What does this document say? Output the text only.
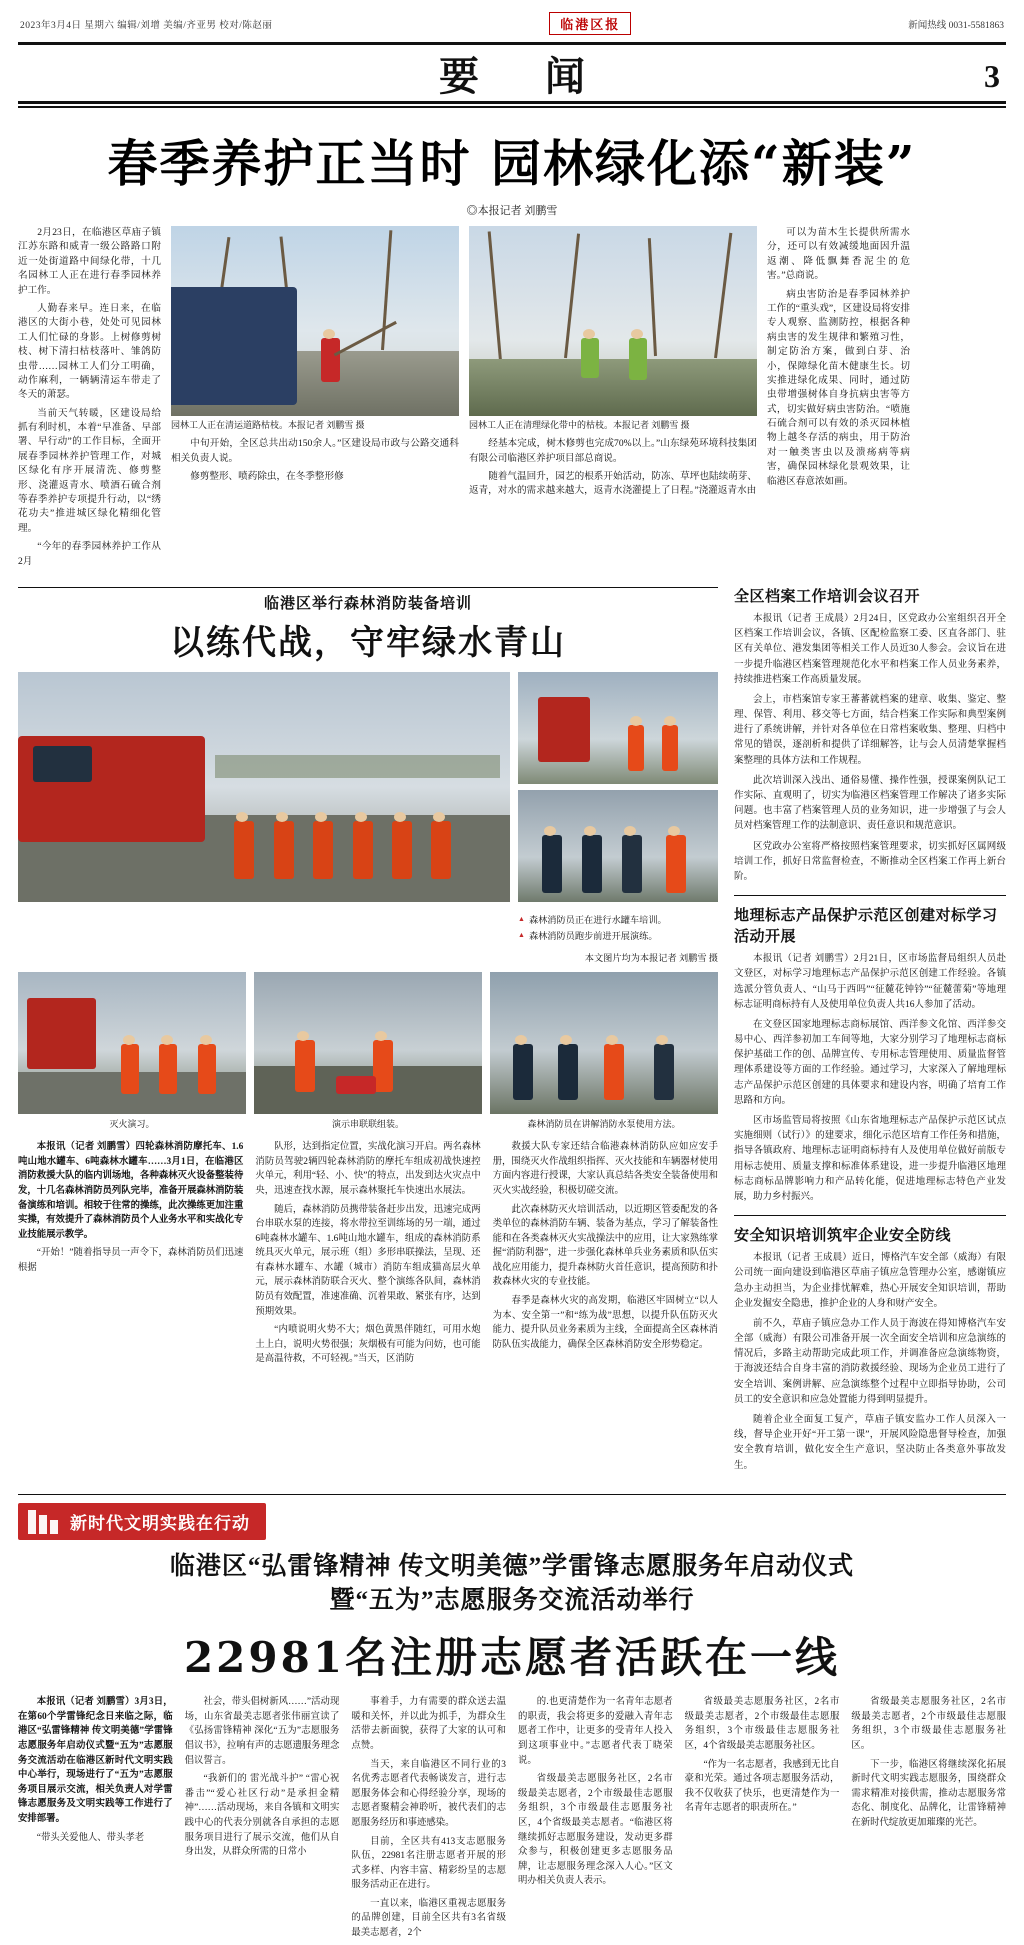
2023年3月4日 星期六 编辑/刘增 美编/齐亚男 校对/陈赵丽	临港区报	新闻热线 0031-5581863
要 闻	3
春季养护正当时 园林绿化添“新装”
◎本报记者 刘鹏雪

2月23日，在临港区草庙子镇江苏东路和威青一级公路路口附近一处街道路中间绿化带，十几名园林工人正在进行春季园林养护工作。

人勤春来早。连日来，在临港区的大街小巷，处处可见园林工人们忙碌的身影。上树修剪树枝、树下清扫枯枝落叶、雏鸽防虫带……园林工人们分工明确，动作麻利，一辆辆清运车带走了冬天的萧瑟。

当前天气转暖，区建设局给抓有利时机，本着“早准备、早部署、早行动”的工作目标，全面开展春季园林养护管理工作，对城区绿化有序开展清洗、修剪整形、浇灌返青水、喷酒石硫合剂等春季养护专项提升行动，以“绣花功夫”推进城区绿化精细化管理。

“今年的春季园林养护工作从2月

园林工人正在清运道路枯枝。本报记者 刘鹏雪 摄

中旬开始，全区总共出动150余人。”区建设局市政与公路交通科相关负责人说。

修剪整形、喷药除虫，在冬季整形修

园林工人正在清理绿化带中的枯枝。本报记者 刘鹏雪 摄

经基本完成，树木修剪也完成70%以上。”山东绿苑环境科技集团有限公司临港区养护项目部总商说。

随着气温回升，园艺的根系开始活动，防冻、草坪也陆续萌芽、返青，对水的需求越来越大，返青水浇灌提上了日程。”浇灌返青水由

可以为苗木生长提供所需水分，还可以有效减缓地面因升温返潮、降低飘舞香泥尘的危害。”总商说。

病虫害防治是春季园林养护工作的“重头戏”，区建设局将安排专人观察、监测防控，根据各种病虫害的发生规律和繁殖习性，制定防治方案，做到白芽、治小，保障绿化苗木健康生长。切实推进绿化成果、同时，通过防虫带增强树体自身抗病虫害等方式，切实做好病虫害防治。“喷施石硫合剂可以有效的杀灭园林植物上越冬存活的病虫，用于防治对一触类害虫以及溃疡病等病害，确保园林绿化景观效果，让临港区春意浓如画。

临港区举行森林消防装备培训
以练代战，守牢绿水青山
▲ 森林消防员正在进行水罐车培训。
▲ 森林消防员跑步前进开展演练。
本文图片均为本报记者 刘鹏雪 摄
灭火演习。	演示串联联组装。	森林消防员在讲解消防水泵使用方法。

本报讯（记者 刘鹏雪）四轮森林消防摩托车、1.6吨山地水罐车、6吨森林水罐车……3月1日，在临港区消防救援大队的临内训场地，各种森林灭火设备整装待发，十几名森林消防员列队完毕，准备开展森林消防装备演练和培训。相较于往常的操练，此次操练更加注重实操，有效提升了森林消防员个人业务水平和实战化专业技能展示教学。

“开始！”随着指导员一声令下，森林消防员们迅速根据

队形，达到指定位置，实战化演习开启。两名森林消防员驾驶2辆四轮森林消防的摩托车组成初战快速控火单元，利用“轻、小、快”的特点，出发到达火灾点中央，迅速查找水源，展示森林聚托车快速出水展法。

随后，森林消防员携带装备赶步出发，迅速完成两台串联水泵的连接，将水带拉至训练场的另一端，通过6吨森林水罐车、1.6吨山地水罐车，组成的森林消防系统具灭火单元，展示班（组）多形串联操法，呈现、还有森林水罐车、水罐（城市）消防车组成猫高层火单元，展示森林消防联合灭火、整个演练各队间，森林消防员有效配置，准速准确、沉着果敢、紧张有序，达到预期效果。

“内喷说明火势不大；烟色黄黑伴随红，可用水炮土上白，说明火势很强；灰烟极有可能为问妨，也可能是高温待救，不可轻视。”当天，区消防

救援大队专家还结合临港森林消防队应如应安手册，围绕灭火作战组织指挥、灭火技能和车辆器材使用方面内容进行授课，大家认真总结各类安全装备使用和灭火实战经验，积极切磋交流。

此次森林防灭火培训活动，以近期区管委配发的各类单位的森林消防车辆、装备为基点，学习了解装备性能和在各类森林灭火实战操法中的应用，让大家熟练掌握“消防利器”，进一步强化森林单兵业务素质和队伍实战化应用能力，提升森林防火首任意识，提高预防和扑救森林火灾的专业技能。

春季是森林火灾的高发期，临港区牢固树立“以人为本、安全第一”和“练为战”思想，以提升队伍防灭火能力、提升队员业务素质为主线，全面提高全区森林消防队伍实战能力，确保全区森林消防安全形势稳定。

全区档案工作培训会议召开

本报讯（记者 王成晨）2月24日，区党政办公室组织召开全区档案工作培训会议，各镇、区配检监察工委、区直各部门、驻区有关单位、港发集团等相关工作人员近30人参会。会议旨在进一步提升临港区档案管理规范化水平和档案工作人员业务素养，持续推进档案工作高质量发展。

会上，市档案馆专家王蕃蕃就档案的建章、收集、鉴定、整理、保管、利用、移交等七方面，结合档案工作实际和典型案例进行了系统讲解，并针对各单位在日常档案收集、整理、归档中常见的错误，逐剖析和提供了详细解答，让与会人员清楚掌握档案整理的具体方法和工作规程。

此次培训深入浅出、通俗易懂、操作性强，授课案例队记工作实际、直观明了，切实为临港区档案管理工作解决了诸多实际问题。也丰富了档案管理人员的业务知识，进一步增强了与会人员对档案管理工作的法制意识、责任意识和规范意识。

区党政办公室将严格按照档案管理要求，切实抓好区属网级培训工作，抓好日常监督检查，不断推动全区档案工作再上新台阶。

地理标志产品保护示范区创建对标学习活动开展

本报讯（记者 刘鹏雪）2月21日，区市场监督局组织人员赴文登区，对标学习地理标志产品保护示范区创建工作经验。各镇选派分管负责人、“山马于西吗”“征麓花钟钤”“征麓蕾菊”等地理标志证明商标持有人及使用单位负责人共16人参加了活动。

在文登区国家地理标志商标展馆、西洋参文化馆、西洋参交易中心、西洋参初加工车间等地，大家分别学习了地理标志商标保护基础工作的创、品牌宣传、专用标志管理使用、质量监督管理体系建设等方面的工作经验。通过学习，大家深入了解地理标志产品保护示范区创建的具体要求和建设内容，明确了培育工作思路和方向。

区市场监管局将按照《山东省地理标志产品保护示范区试点实施细则（试行）》的建要求，细化示范区培育工作任务和措施，指导各镇政府、地理标志证明商标持有人及使用单位做好前版专用标志使用、质量支撑和标准体系建设，进一步提升临港区地理标志商标品牌影响力和产品转化能，促进地理标志特色产业发展，助力乡村振兴。

安全知识培训筑牢企业安全防线

本报讯（记者 王成晨）近日，博格汽车安全部（威海）有限公司统一面向建设到临港区草庙子镇应急管理办公室，感谢镇应急办主动担当，为企业排忧解难，热心开展安全知识培训，帮助企业发掘安全隐患，推护企业的人身和财产安全。

前不久，草庙子镇应急办工作人员于海波在得知博格汽车安全部（威海）有限公司准备开展一次全面安全培训和应急演练的情况后，多路主动帮助完成此项工作，并调准备应急演练物资，于海波还结合自身丰富的消防救援经验、现场为企业员工进行了安全培训、案例讲解、应急演练整个过程中立即指导协助，公司员工的安全意识和应急处置能力得到明显提升。

随着企业全面复工复产，草庙子镇安监办工作人员深入一线，督导企业开好“开工第一课”，开展风险隐患督导检查，加强安全教育培训，做化安全生产意识，坚决防止各类意外事故发生。

新时代文明实践在行动
临港区“弘雷锋精神 传文明美德”学雷锋志愿服务年启动仪式
暨“五为”志愿服务交流活动举行
22981名注册志愿者活跃在一线

本报讯（记者 刘鹏雪）3月3日，在第60个学雷锋纪念日来临之际，临港区“弘雷锋精神 传文明美德”学雷锋志愿服务年启动仪式暨“五为”志愿服务交流活动在临港区新时代文明实践中心举行，现场进行了“五为”志愿服务项目展示交流，相关负责人对学雷锋志愿服务及文明实践等工作进行了安排部署。

“带头关爱他人、带头孝老

社会，带头倡树新风……”活动现场，山东省最美志愿者张伟丽宣读了《弘扬雷锋精神 深化“五为”志愿服务倡议书》，拉响有声的志愿遗服务理念倡议誓言。

“我新们的 雷光战斗护” “雷心祝番击”“爱心社区行动”是承担金精神”……活动现场，来自各镇和文明实践中心的代表分别就各自承担的志愿服务项目进行了展示交流，他们从自身出发，从群众所需的日常小

事着手，力有需要的群众送去温暖和关怀，并以此为抓手，为群众生活带去新面貌，获得了大家的认可和点赞。

当天，来自临港区不同行业的3名优秀志愿者代表畅谈发言，进行志愿服务体会和心得经验分享，现场的志愿者聚精会神聆听，被代表们的志愿服务经历和事迹感染。

目前，全区共有413支志愿服务队伍，22981名注册志愿者开展的形式多样、内容丰富、精彩纷呈的志愿服务活动正在进行。

一直以来，临港区重视志愿服务的品牌创建，目前全区共有3名省级最美志愿者，2个

的.也更清楚作为一名青年志愿者的职责，我会将更多的爱融入青年志愿者工作中，让更多的受青年人投入到这项事业中。”志愿者代表丁晓荣说。

省级最美志愿服务社区，2名市级最美志愿者，2个市级最佳志愿服务组织，3个市级最佳志愿服务社区，4个省级最美志愿者。“临港区将继续抓好志愿服务建设，发动更多群众参与，积极创建更多志愿服务品牌，让志愿服务理念深入人心。”区文明办相关负责人表示。

省级最美志愿服务社区，2名市级最美志愿者，2个市级最佳志愿服务组织，3个市级最佳志愿服务社区，4个省级最美志愿服务社区。

“作为一名志愿者，我感到无比自豪和光荣。通过各项志愿服务活动，我不仅收获了快乐，也更清楚作为一名青年志愿者的职责所在。”

省级最美志愿服务社区，2名市级最美志愿者，2个市级最佳志愿服务组织，3个市级最佳志愿服务社区。

下一步，临港区将继续深化拓展新时代文明实践志愿服务，围绕群众需求精准对接供需，推动志愿服务常态化、制度化、品牌化，让雷锋精神在新时代绽放更加璀璨的光芒。
